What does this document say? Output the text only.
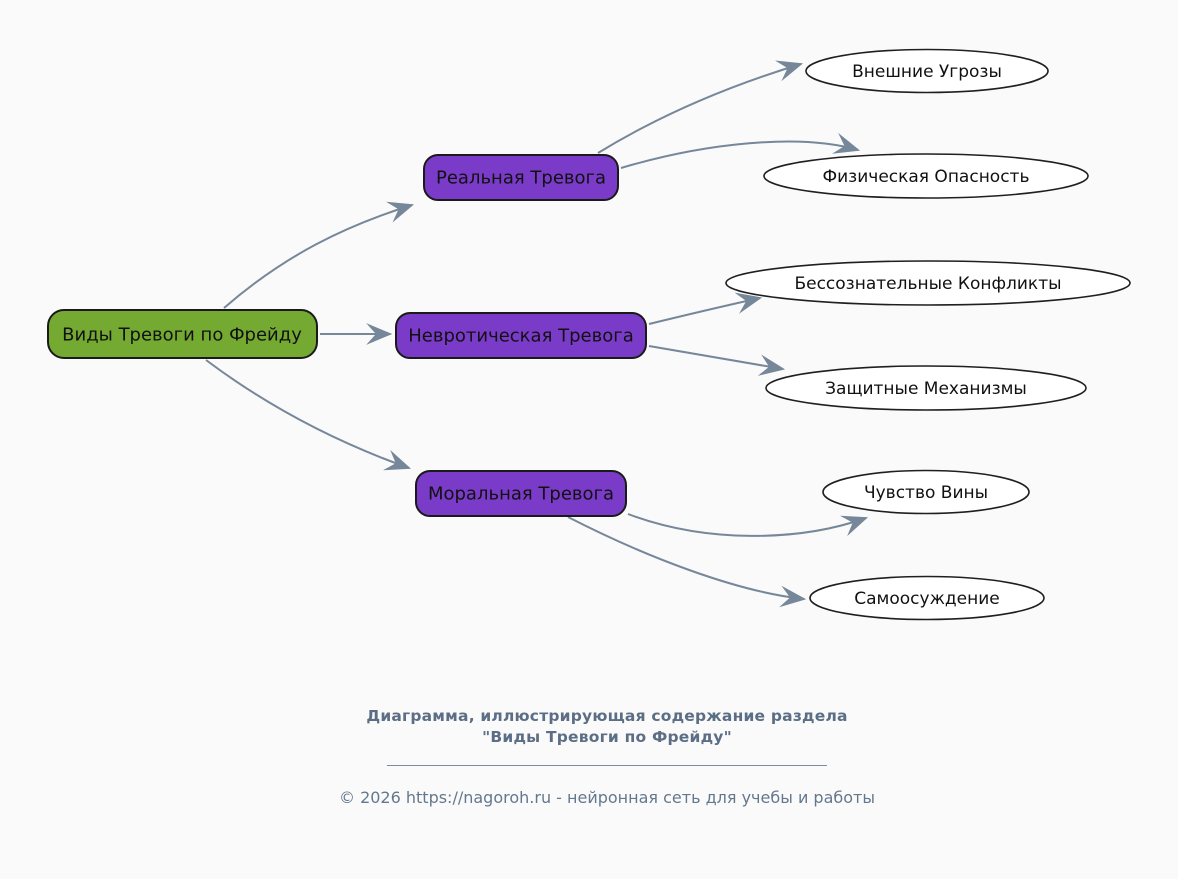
Виды Тревоги по Фрейду
Реальная Тревога
Невротическая Тревога
Моральная Тревога
Внешние Угрозы
Физическая Опасность
Бессознательные Конфликты
Защитные Механизмы
Чувство Вины
Самоосуждение
Диаграмма, иллюстрирующая содержание раздела
"Виды Тревоги по Фрейду"
© 2026 https://nagoroh.ru - нейронная сеть для учебы и работы
